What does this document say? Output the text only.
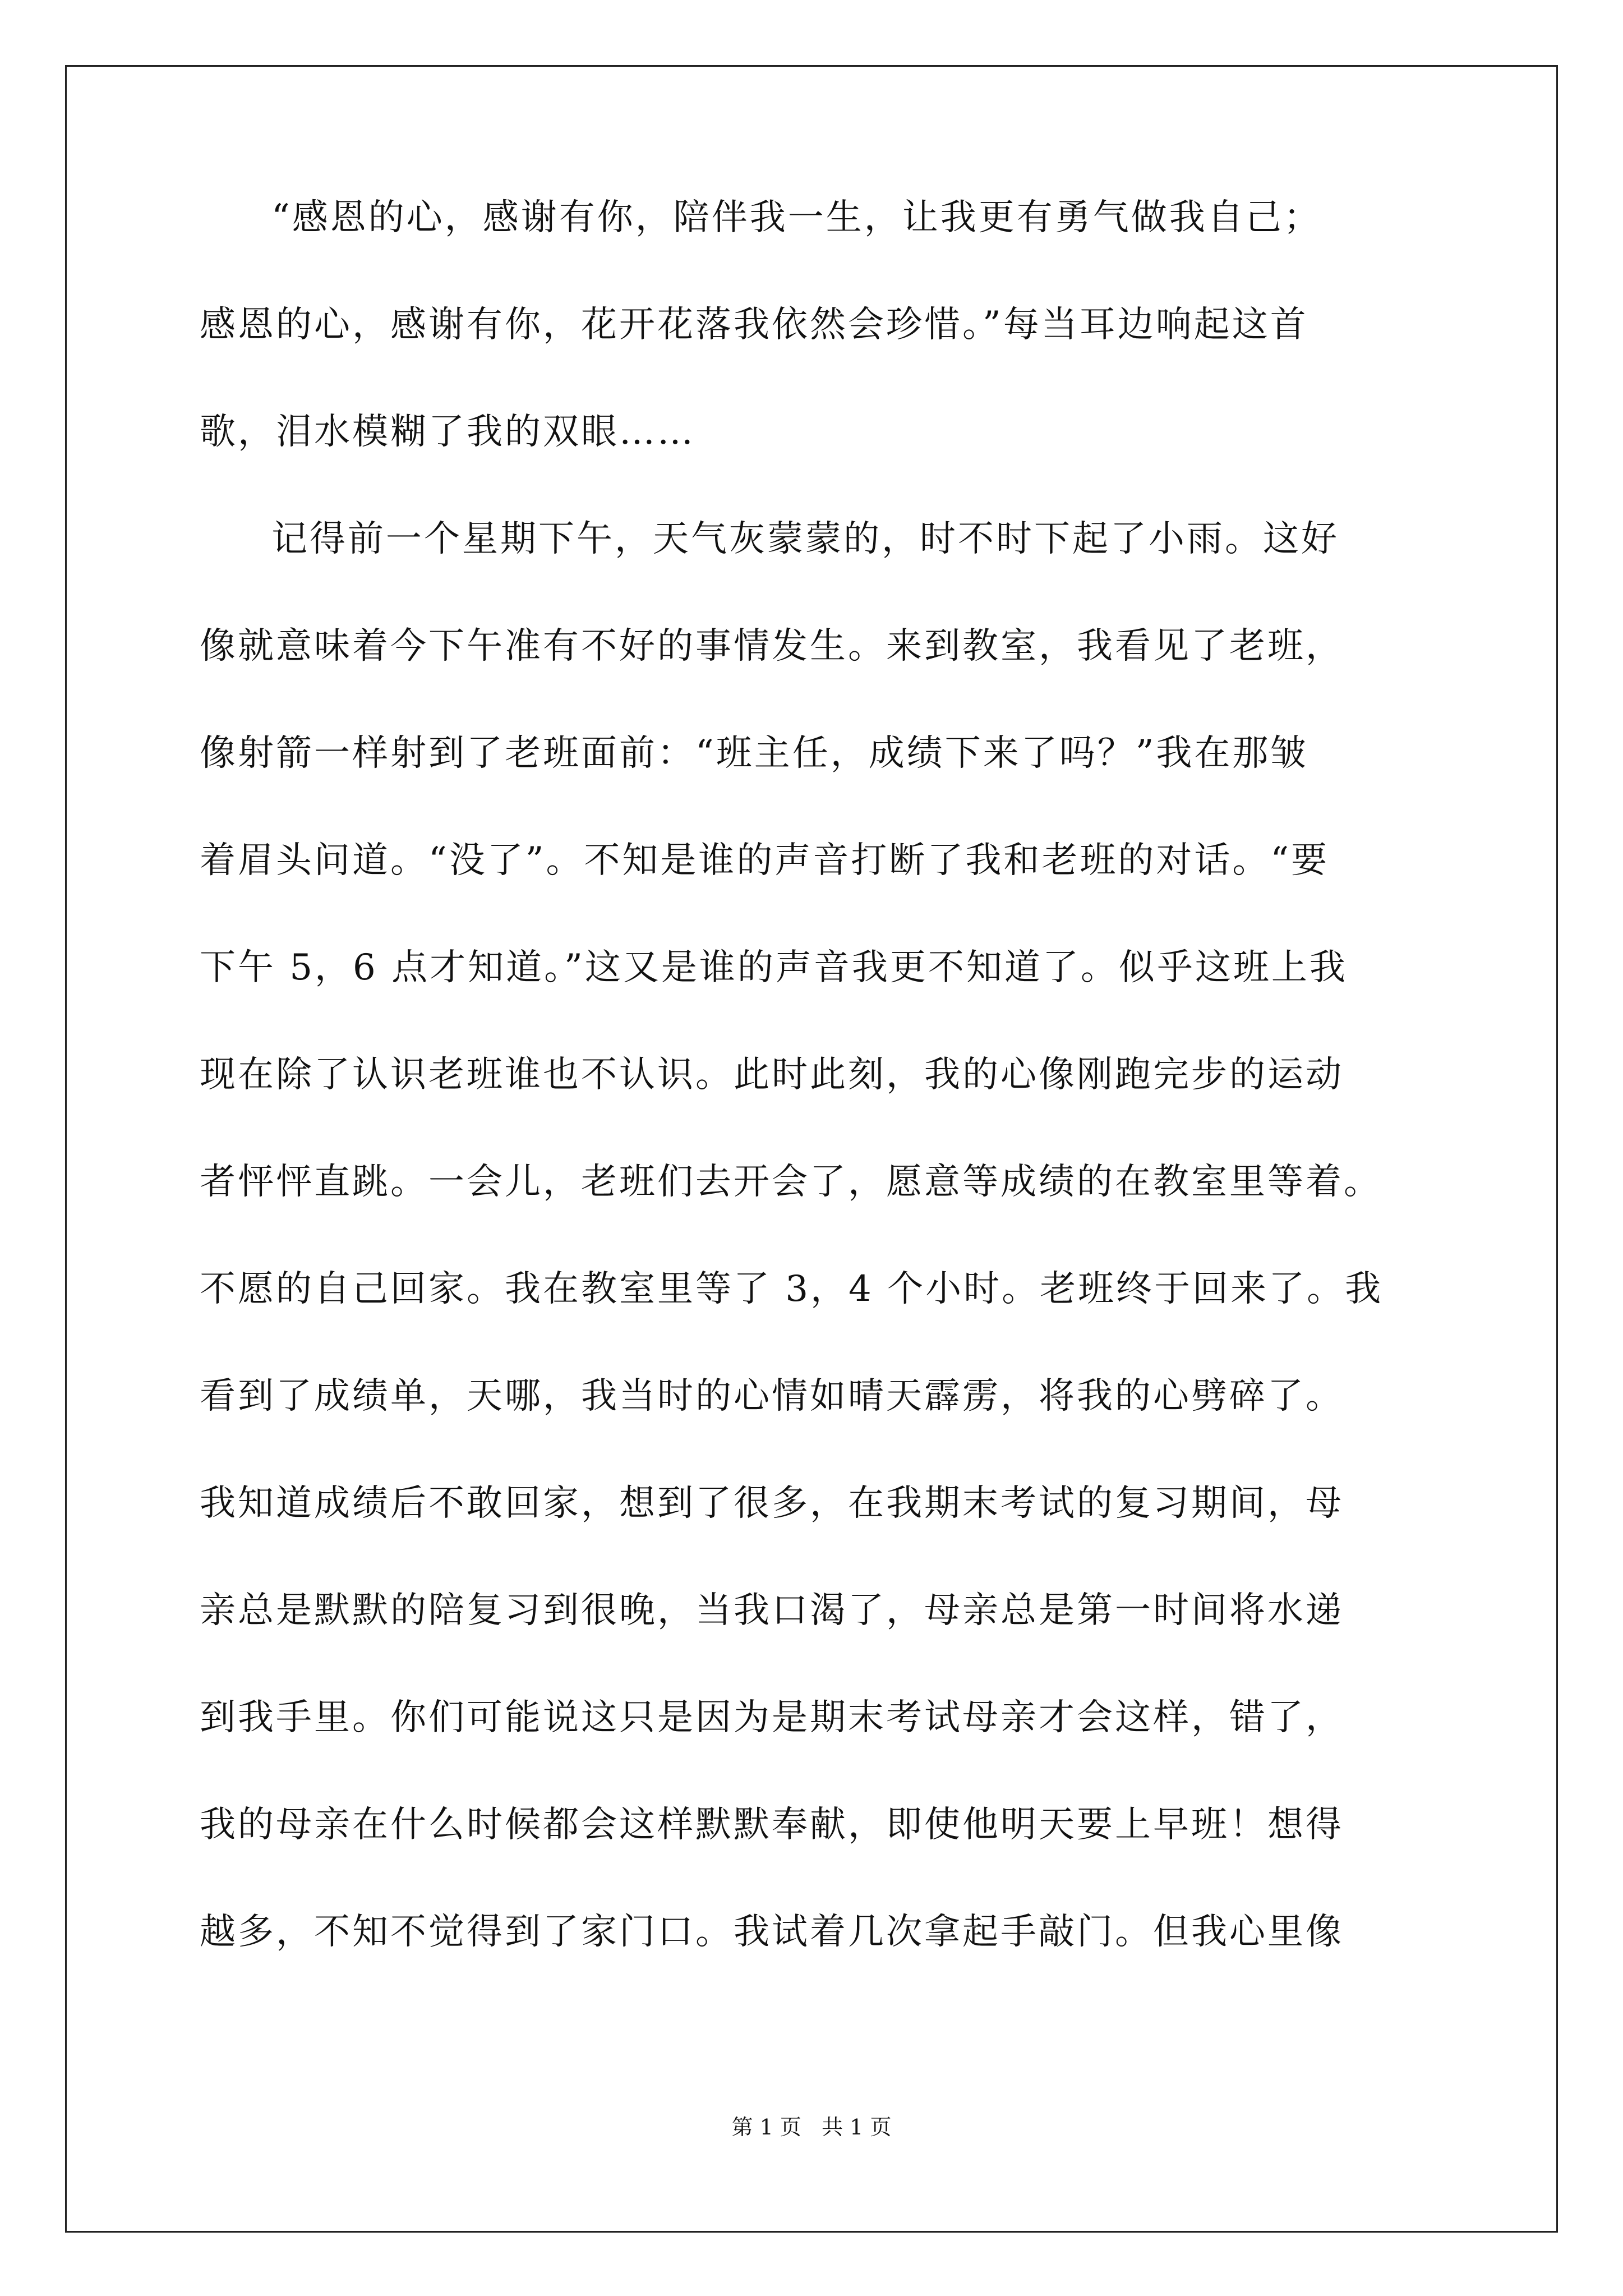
“感恩的心，感谢有你，陪伴我一生，让我更有勇气做我自己；
感恩的心，感谢有你，花开花落我依然会珍惜。”每当耳边响起这首
歌，泪水模糊了我的双眼……
记得前一个星期下午，天气灰蒙蒙的，时不时下起了小雨。这好
像就意味着今下午准有不好的事情发生。来到教室，我看见了老班，
像射箭一样射到了老班面前：“班主任，成绩下来了吗？”我在那皱
着眉头问道。“没了”。不知是谁的声音打断了我和老班的对话。“要
下午 5，6 点才知道。”这又是谁的声音我更不知道了。似乎这班上我
现在除了认识老班谁也不认识。此时此刻，我的心像刚跑完步的运动
者怦怦直跳。一会儿，老班们去开会了，愿意等成绩的在教室里等着。
不愿的自己回家。我在教室里等了 3，4 个小时。老班终于回来了。我
看到了成绩单，天哪，我当时的心情如晴天霹雳，将我的心劈碎了。
我知道成绩后不敢回家，想到了很多，在我期末考试的复习期间，母
亲总是默默的陪复习到很晚，当我口渴了，母亲总是第一时间将水递
到我手里。你们可能说这只是因为是期末考试母亲才会这样，错了，
我的母亲在什么时候都会这样默默奉献，即使他明天要上早班！想得
越多，不知不觉得到了家门口。我试着几次拿起手敲门。但我心里像
第 1 页   共 1 页
